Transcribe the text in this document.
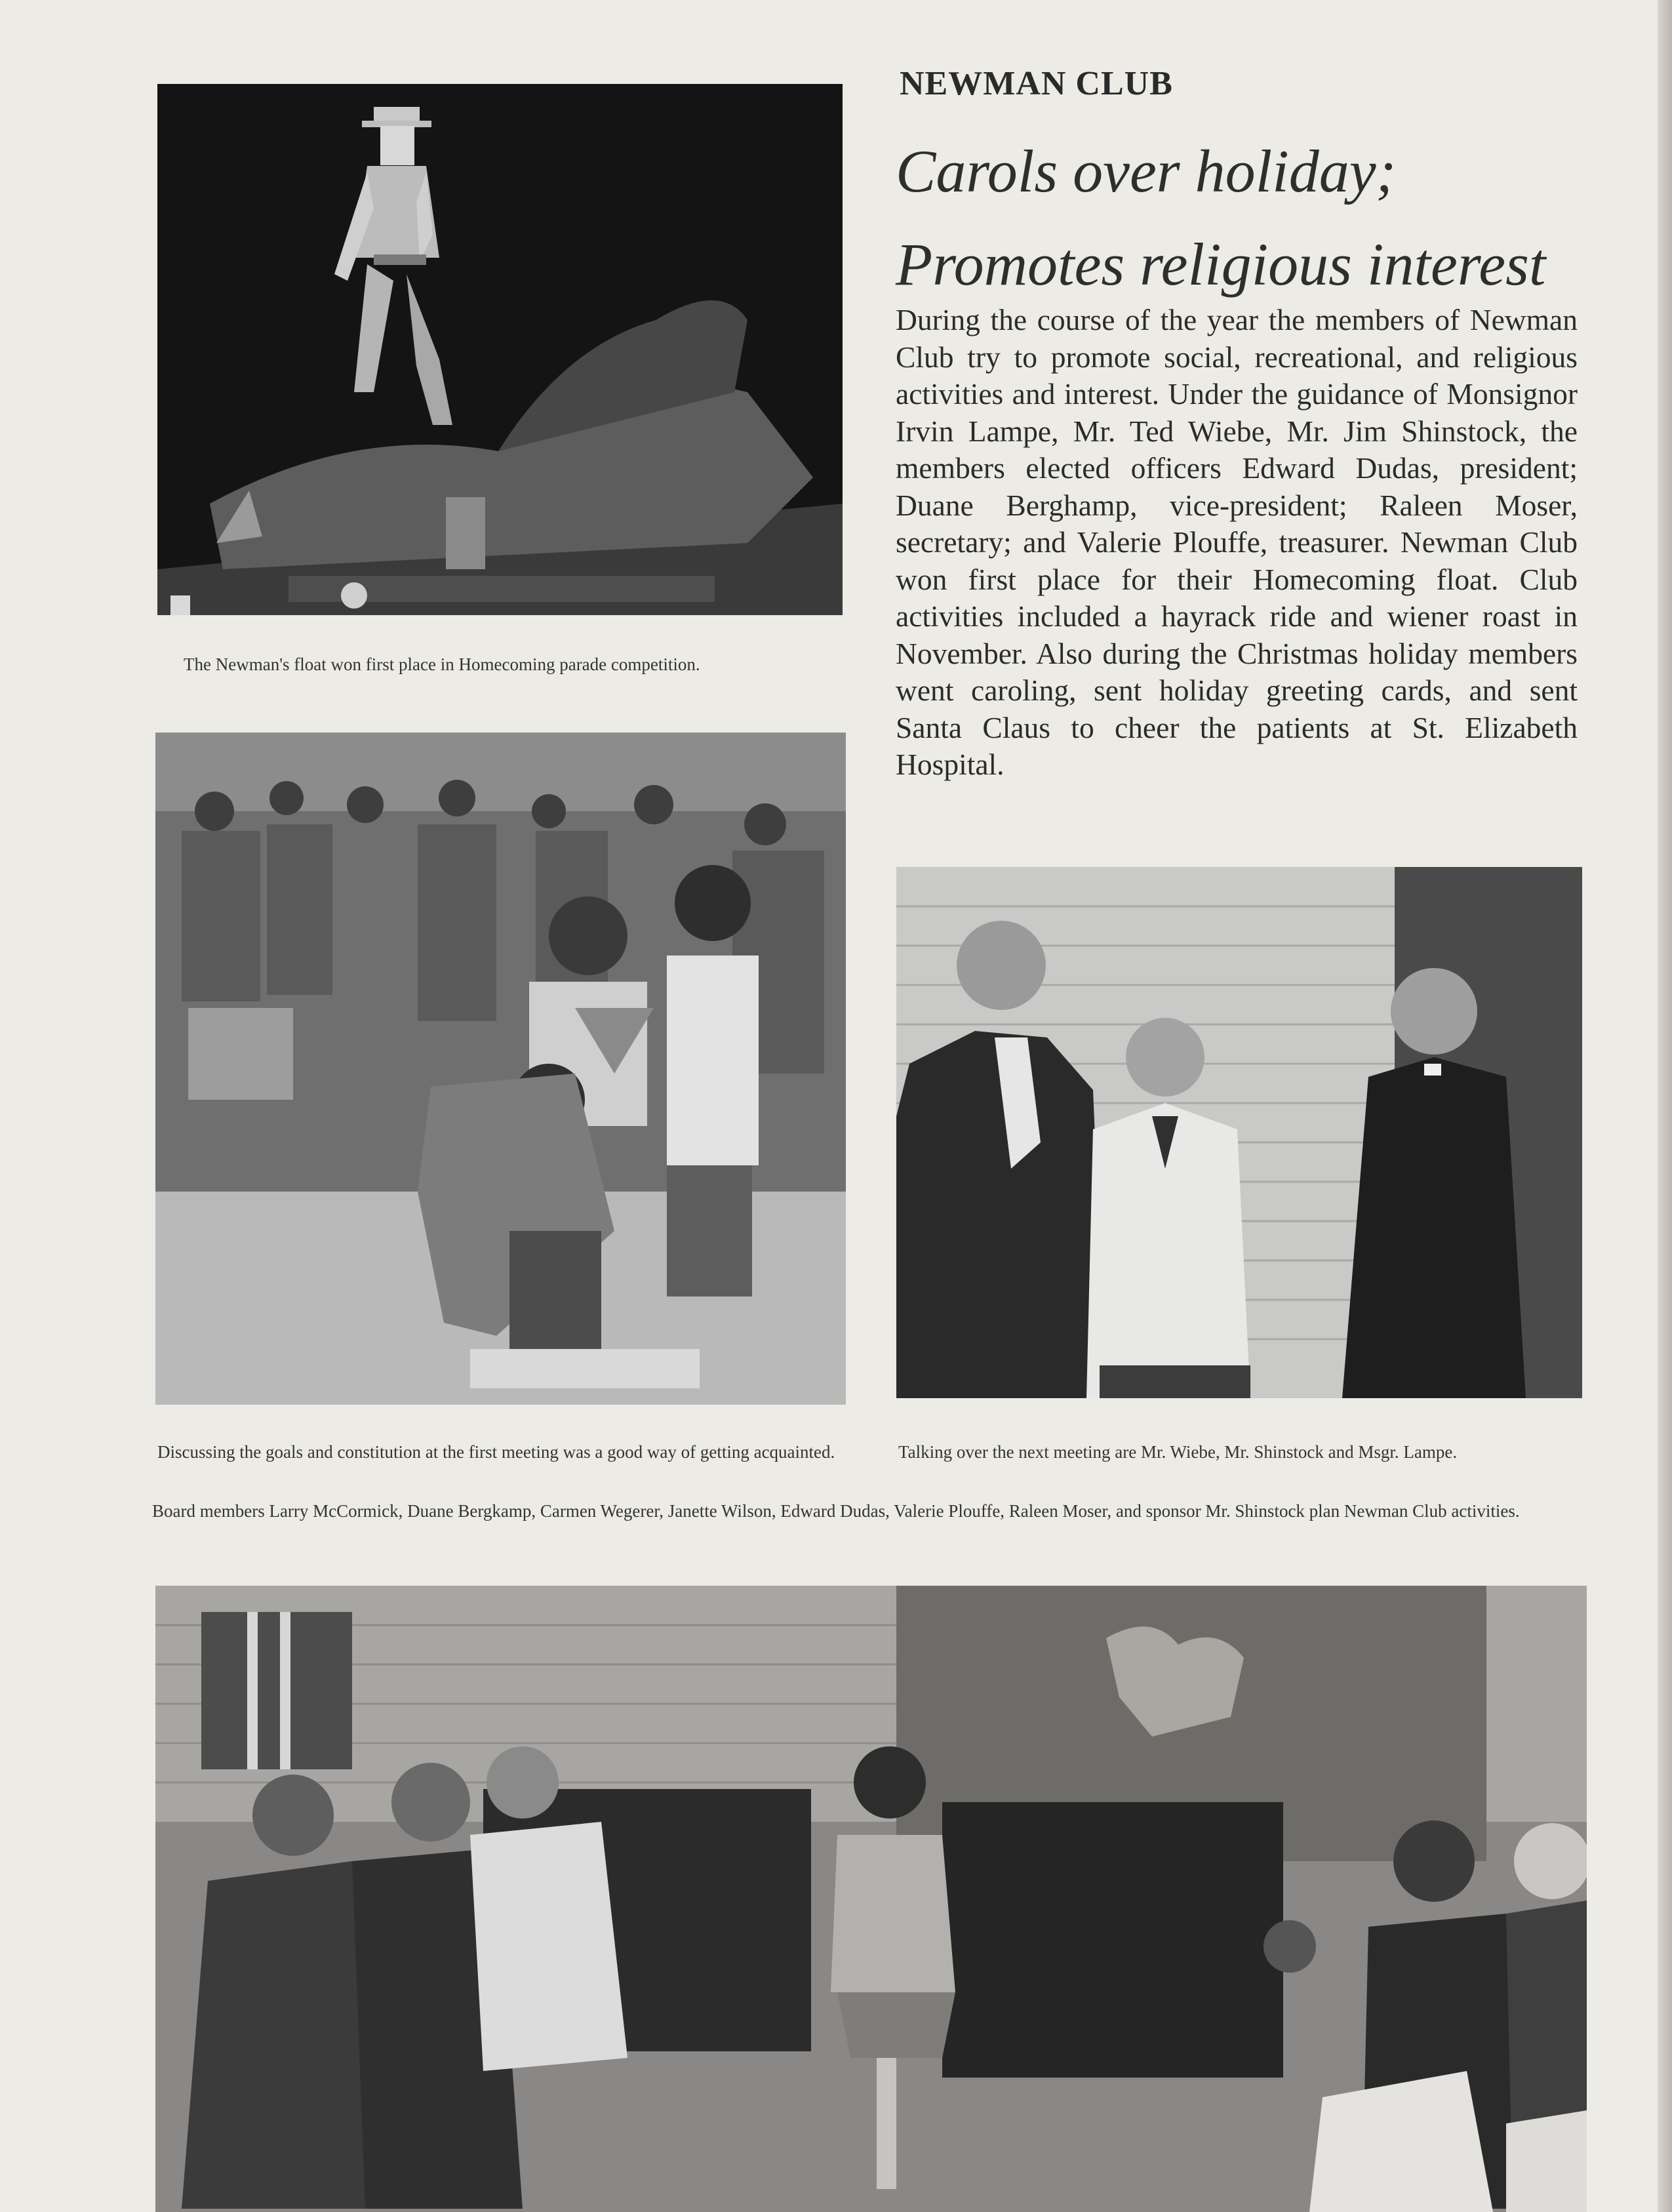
The Newman's float won first place in Homecoming parade competition.

Discussing the goals and constitution at the first meeting was a good way of getting acquainted.

NEWMAN CLUB
Carols over holiday;
Promotes religious interest

During the course of the year the members of Newman Club try to promote social, recreational, and religious activities and interest. Under the guidance of Monsignor Irvin Lampe, Mr. Ted Wiebe, Mr. Jim Shinstock, the members elected officers Edward Dudas, president; Duane Berghamp, vice-president; Raleen Moser, secretary; and Valerie Plouffe, treasurer. Newman Club won first place for their Homecoming float. Club activities included a hayrack ride and wiener roast in November. Also during the Christmas holiday members went caroling, sent holiday greeting cards, and sent Santa Claus to cheer the patients at St. Elizabeth Hospital.

Talking over the next meeting are Mr. Wiebe, Mr. Shinstock and Msgr. Lampe.

Board members Larry McCormick, Duane Bergkamp, Carmen Wegerer, Janette Wilson, Edward Dudas, Valerie Plouffe, Raleen Moser, and sponsor Mr. Shinstock plan Newman Club activities.
